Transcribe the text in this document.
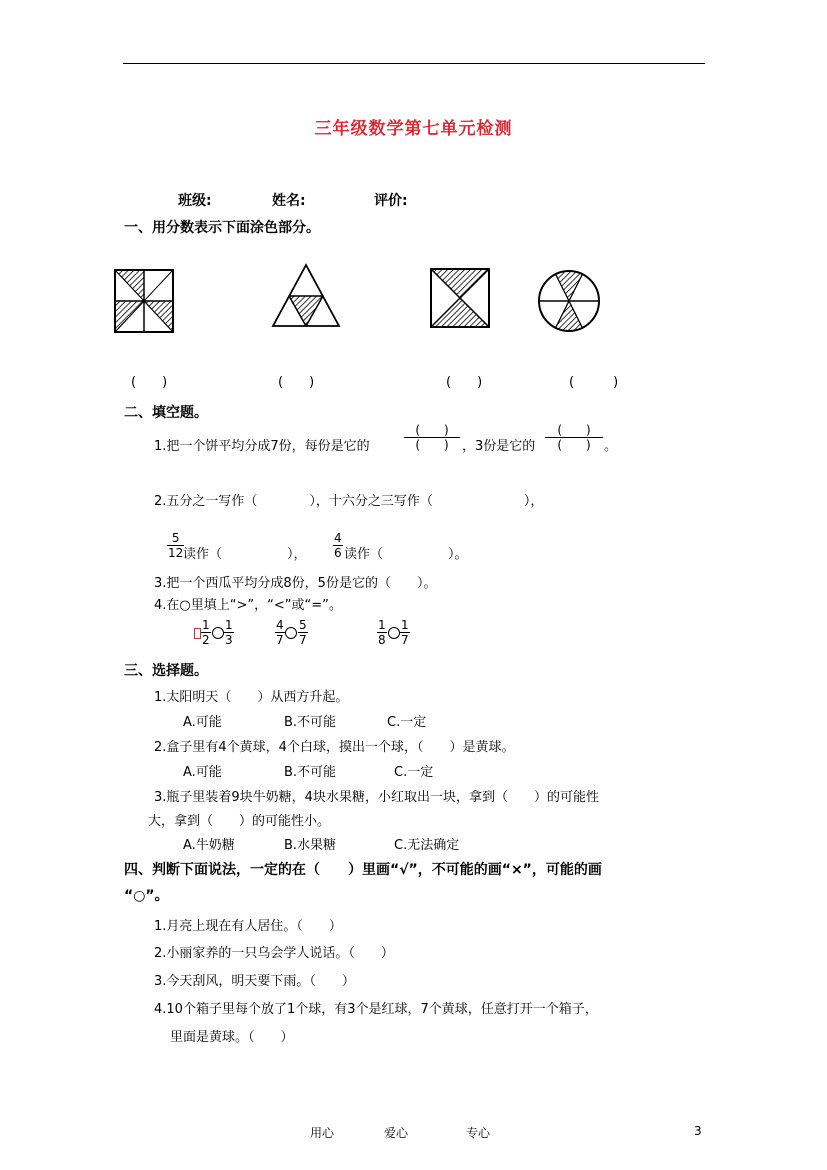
三年级数学第七单元检测
班级:	姓名:	评价:
一、用分数表示下面涂色部分。
(　　)	(　　)	(　　)	(　　　)
二、填空题。
1.把一个饼平均分成7份，每份是它的
(　　)
(　　) ，3份是它的
(　　)
(　　) 。
2.五分之一写作（　　　　），十六分之三写作（　　　　　　　），
5
12 读作（　　　　　），
4
6 读作（　　　　　）。
3.把一个西瓜平均分成8份，5份是它的（　　）。
4.在○里填上“>”，“<”或“=”。
1
2
1
3
4
7
5
7
1
8
1
7
三、选择题。
1.太阳明天（　　）从西方升起。
A.可能	B.不可能	C.一定
2.盒子里有4个黄球，4个白球，摸出一个球，（　　）是黄球。
A.可能	B.不可能	C.一定
3.瓶子里装着9块牛奶糖，4块水果糖，小红取出一块，拿到（　　）的可能性
大，拿到（　　）的可能性小。
A.牛奶糖	B.水果糖	C.无法确定
四、判断下面说法，一定的在（　　）里画“√”，不可能的画“×”，可能的画
“○”。
1.月亮上现在有人居住。（　　）
2.小丽家养的一只乌会学人说话。（　　）
3.今天刮风，明天要下雨。（　　）
4.10个箱子里每个放了1个球，有3个是红球，7个黄球，任意打开一个箱子，
里面是黄球。（　　）
用心	爱心	专心	3
